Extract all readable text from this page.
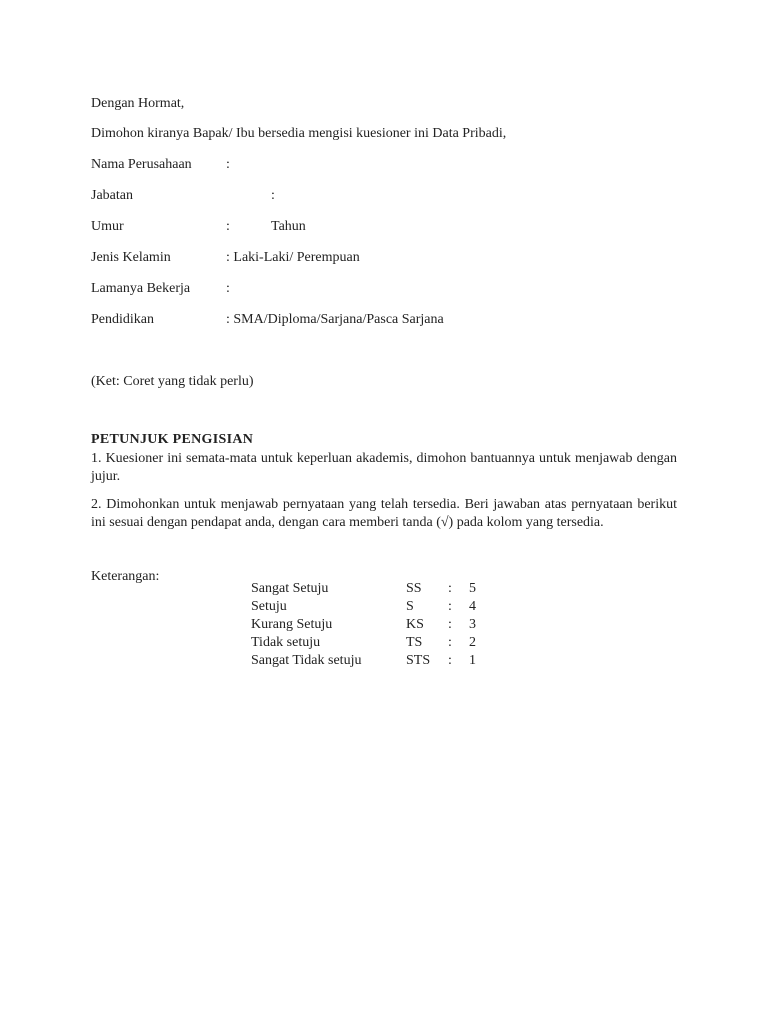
Dengan Hormat,
Dimohon kiranya Bapak/ Ibu bersedia mengisi kuesioner ini Data Pribadi,
Nama Perusahaan :
Jabatan	:
Umur	:	Tahun
Jenis Kelamin	: Laki-Laki/ Perempuan
Lamanya Bekerja	:
Pendidikan	: SMA/Diploma/Sarjana/Pasca Sarjana
(Ket: Coret yang tidak perlu)
PETUNJUK PENGISIAN
1. Kuesioner ini semata-mata untuk keperluan akademis, dimohon bantuannya untuk menjawab dengan jujur.
2. Dimohonkan untuk menjawab pernyataan yang telah tersedia. Beri jawaban atas pernyataan berikut ini sesuai dengan pendapat anda, dengan cara memberi tanda (√) pada kolom yang tersedia.
Keterangan:
Sangat Setuju	SS : 5
Setuju	S : 4
Kurang Setuju	KS : 3
Tidak setuju	TS : 2
Sangat Tidak setuju	STS : 1
